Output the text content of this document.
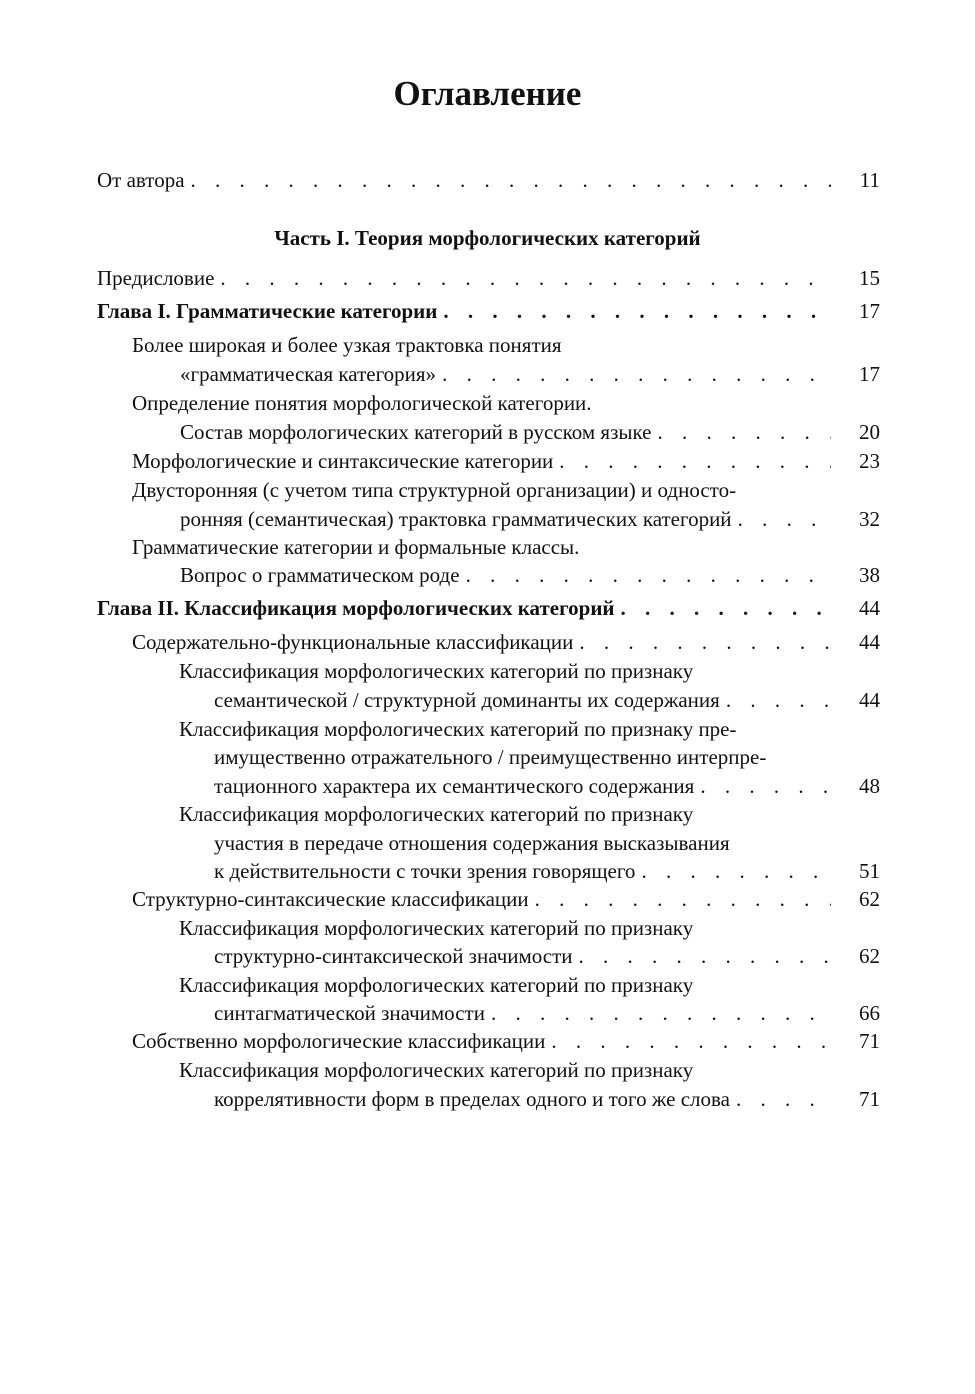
Оглавление
От автора . . .	11
Часть I. Теория морфологических категорий
Предисловие . . .	15
Глава I. Грамматические категории . . .	17
Более широкая и более узкая трактовка понятия
«грамматическая категория» . . .	17
Определение понятия морфологической категории.
Состав морфологических категорий в русском языке . . .	20
Морфологические и синтаксические категории . . .	23
Двусторонняя (с учетом типа структурной организации) и односто-
ронняя (семантическая) трактовка грамматических категорий . . .	32
Грамматические категории и формальные классы.
Вопрос о грамматическом роде . . .	38
Глава II. Классификация морфологических категорий . . .	44
Содержательно-функциональные классификации . . .	44
Классификация морфологических категорий по признаку
семантической / структурной доминанты их содержания . . .	44
Классификация морфологических категорий по признаку пре-
имущественно отражательного / преимущественно интерпре-
тационного характера их семантического содержания . . .	48
Классификация морфологических категорий по признаку
участия в передаче отношения содержания высказывания
к действительности с точки зрения говорящего . . .	51
Структурно-синтаксические классификации . . .	62
Классификация морфологических категорий по признаку
структурно-синтаксической значимости . . .	62
Классификация морфологических категорий по признаку
синтагматической значимости . . .	66
Собственно морфологические классификации . . .	71
Классификация морфологических категорий по признаку
коррелятивности форм в пределах одного и того же слова . . .	71
